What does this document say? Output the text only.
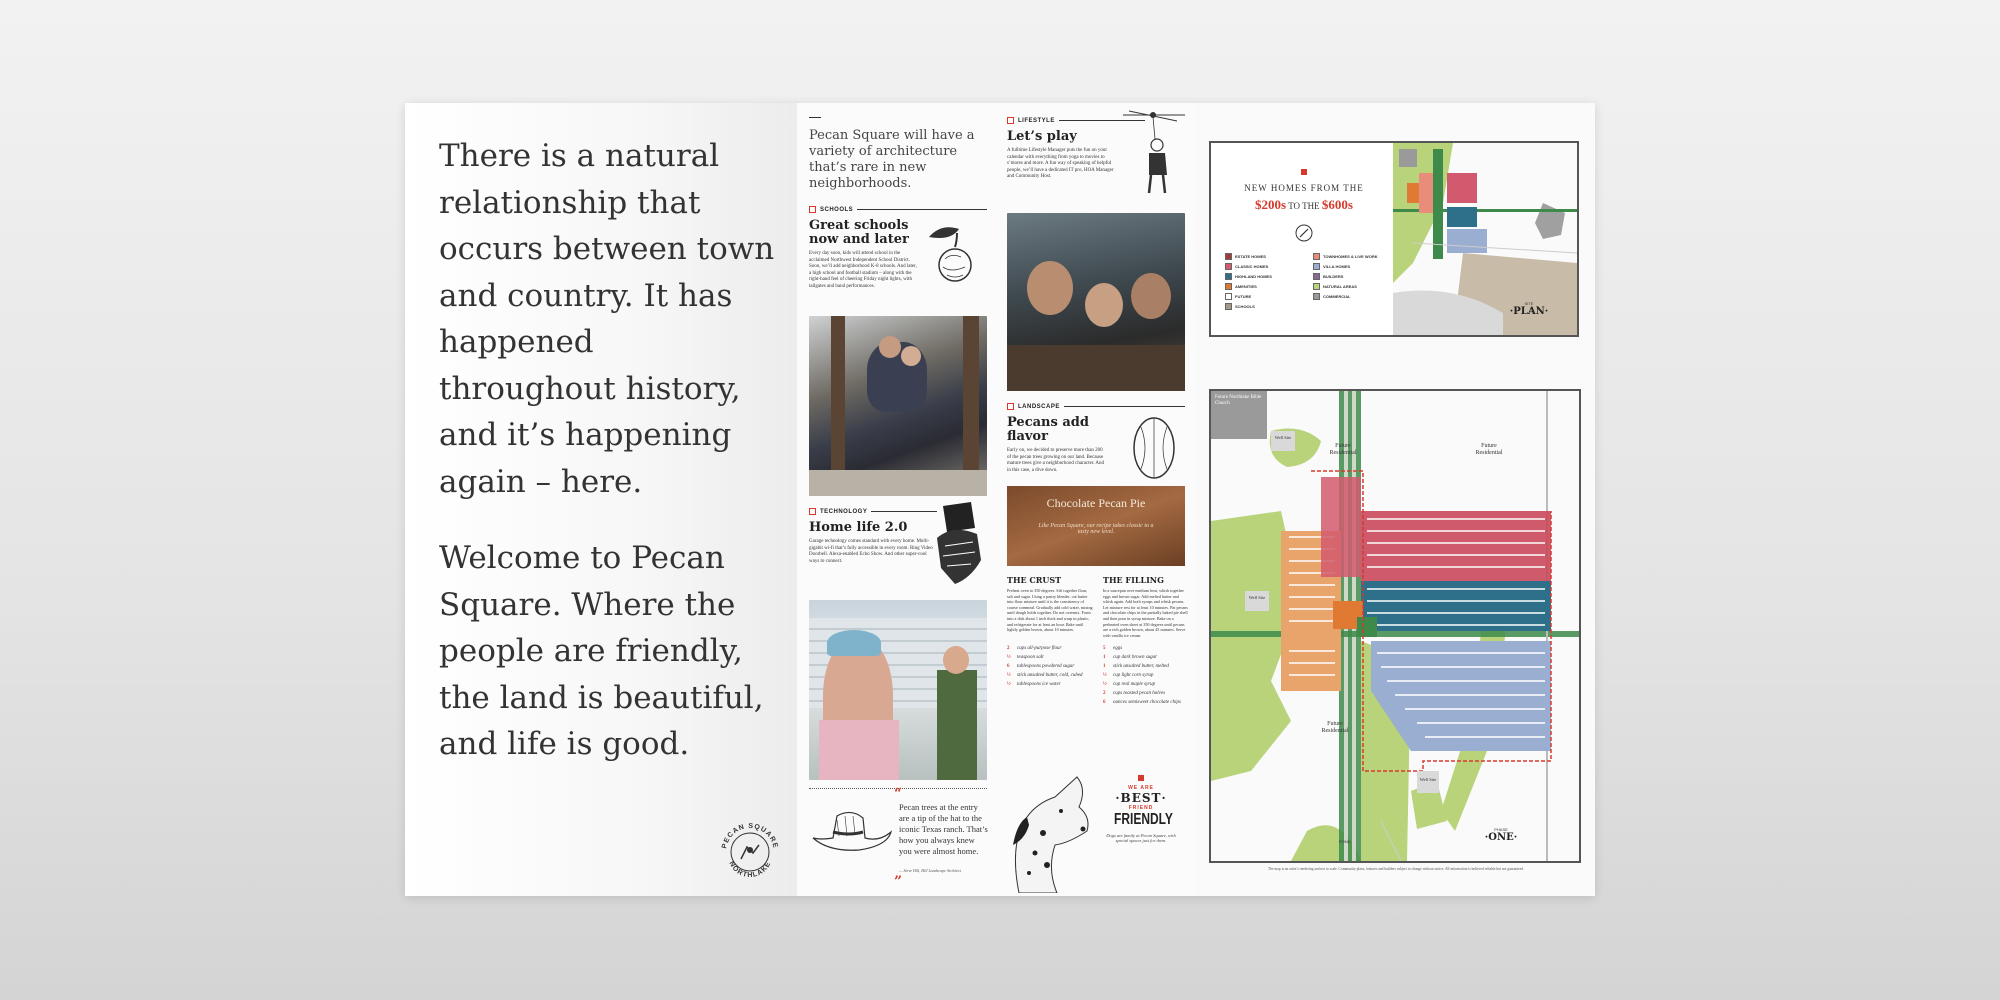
There is a natural relationship that occurs between town and country. It has happened throughout history, and it’s happening again – here.

Welcome to Pecan Square. Where the people are friendly, the land is beautiful, and life is good.

PECAN SQUARE
NORTHLAKE

Pecan Square will have a variety of architecture that’s rare in new neighborhoods.

SCHOOLS
Great schools now and later
Every day soon, kids will attend school in the acclaimed Northwest Independent School District. Soon, we’ll add neighborhood K-8 schools. And later, a high school and football stadium – along with the right-hand feel of cheering Friday night lights, with tailgates and band performances.
TECHNOLOGY
Home life 2.0
Garage technology comes standard with every home. Multi-gigabit wi-fi that’s fully accessible in every room. Ring Video Doorbell. Alexa-enabled Echo Show. And other super-cool ways to connect.
“

Pecan trees at the entry are a tip of the hat to the iconic Texas ranch. That’s how you always knew you were almost home.

— Steve Hill, Hill Landscape Architect

”
LIFESTYLE
Let’s play
A fulltime Lifestyle Manager puts the fun on your calendar with everything from yoga to movies to s’mores and more. A fun way of speaking of helpful people, we’ll have a dedicated IT pro, HOA Manager and Community Host.
LANDSCAPE
Pecans add flavor
Early on, we decided to preserve more than 200 of the pecan trees growing on our land. Because mature trees give a neighborhood character. And in this case, a dive down.
Chocolate Pecan Pie
Like Pecan Square, our recipe takes classic to a tasty new level.
THE CRUST
Preheat oven to 350 degrees. Sift together flour, salt and sugar. Using a pastry blender, cut butter into flour mixture until it is the consistency of coarse cornmeal. Gradually add cold water, mixing until dough holds together. Do not overmix. Form into a disk about 1 inch thick and wrap in plastic, and refrigerate for at least an hour. Bake until lightly golden brown, about 10 minutes.
THE FILLING
In a saucepan over medium heat, whisk together eggs and brown sugar. Add melted butter and whisk again. Add both syrups and whisk pecans. Let mixture rest for at least 10 minutes. Pat pecans and chocolate chips in the partially baked pie shell and then pour in syrup mixture. Bake on a preheated oven sheet at 350 degrees until pecans are a rich golden brown, about 45 minutes. Serve with vanilla ice cream.
2	cups all-purpose flour
½	teaspoon salt
6	tablespoons powdered sugar
½	stick unsalted butter, cold, cubed
½	tablespoons ice water
5	eggs
1	cup dark brown sugar
1	stick unsalted butter, melted
½	cup light corn syrup
½	cup real maple syrup
2	cups toasted pecan halves
6	ounces semisweet chocolate chips
WE ARE
·BEST·
FRIEND
FRIENDLY
Dogs are family at Pecan Square, with special spaces just for them.
NEW HOMES FROM THE
$200s TO THE $600s
ESTATE HOMES	TOWNHOMES & LIVE WORK
CLASSIC HOMES	VILLA HOMES
HIGHLAND HOMES	BUILDERS
AMENITIES	NATURAL AREAS
FUTURE	COMMERCIAL
SCHOOLS
SITE
·PLAN·
Future Northlake Bible Church
Future Residential
Future Residential
Future Residential
Well Site
Well Site
Well Site
POND
PHASE
·ONE·

The map is an artist’s rendering and not to scale. Community plans, features and builders subject to change without notice. All information is believed reliable but not guaranteed.
